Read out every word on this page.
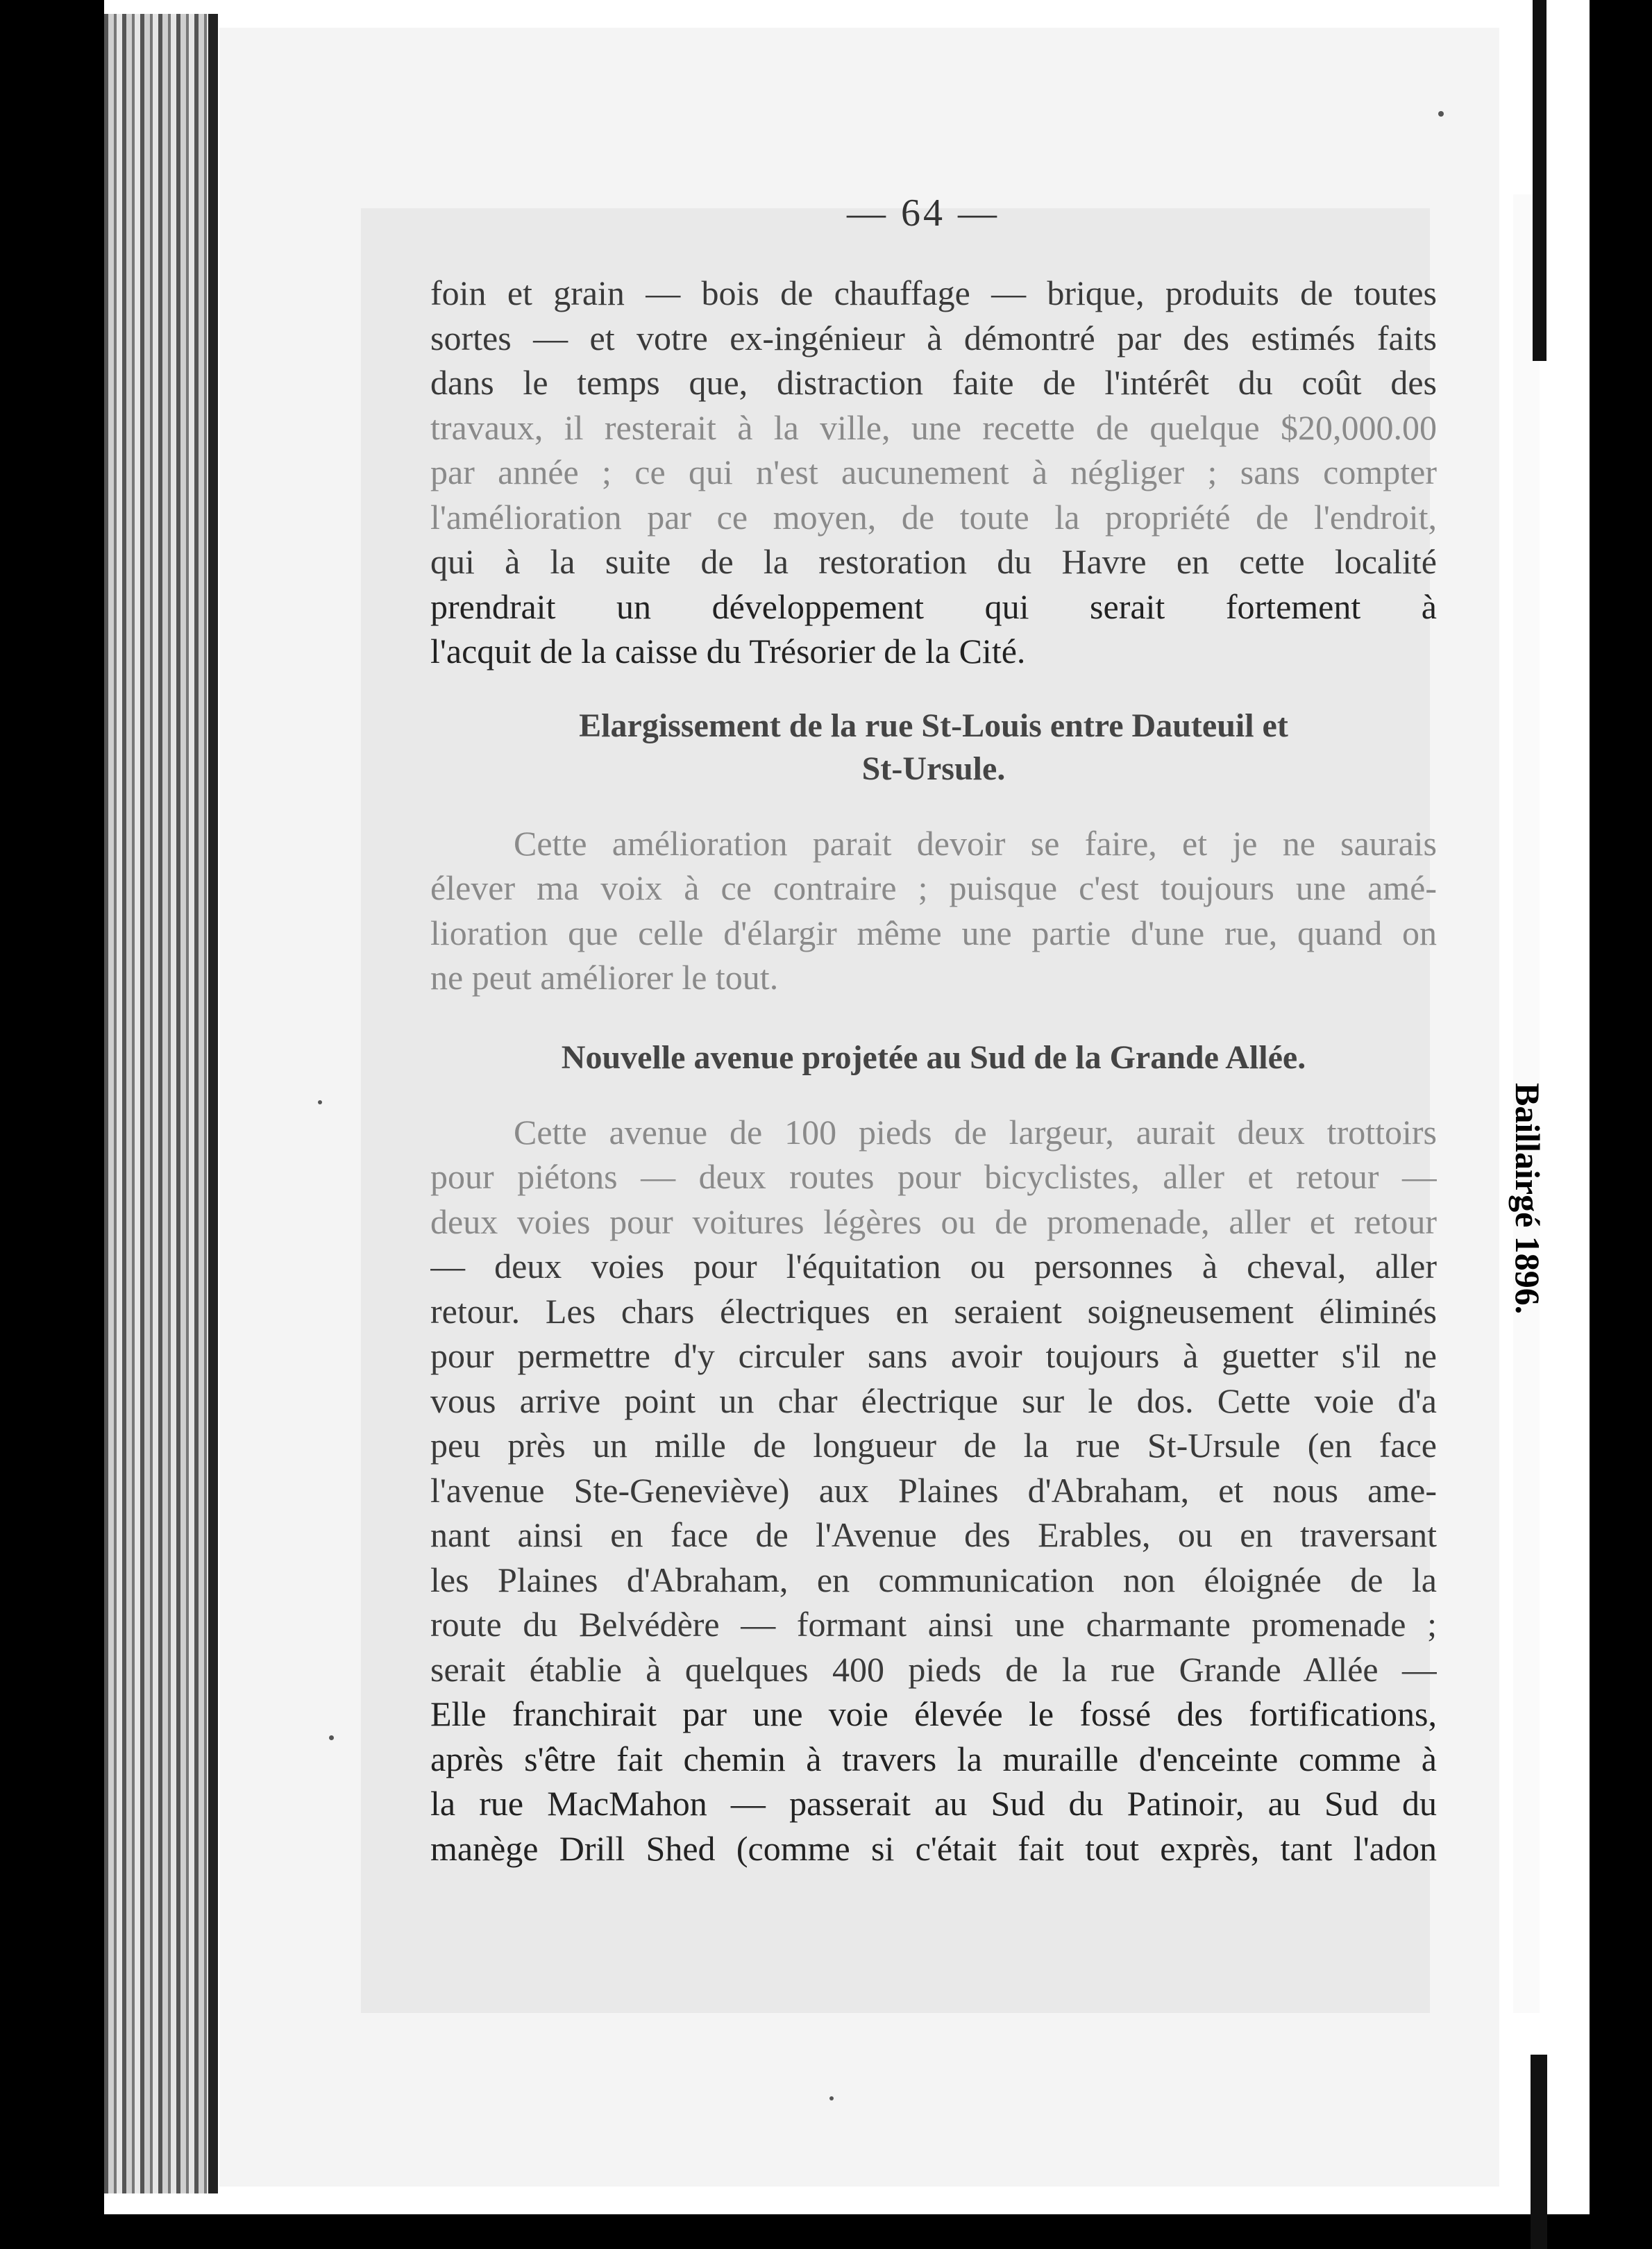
Baillairgé 1896.
— 64 —
foin et grain — bois de chauffage — brique, produits de toutes
sortes — et votre ex-ingénieur à démontré par des estimés faits
dans le temps que, distraction faite de l'intérêt du coût des
travaux, il resterait à la ville, une recette de quelque $20,000.00
par année ; ce qui n'est aucunement à négliger ; sans compter
l'amélioration par ce moyen, de toute la propriété de l'endroit,
qui à la suite de la restoration du Havre en cette localité
prendrait un développement qui serait fortement à
l'acquit de la caisse du Trésorier de la Cité.
Elargissement de la rue St-Louis entre Dauteuil et
St-Ursule.
Cette amélioration parait devoir se faire, et je ne saurais
élever ma voix à ce contraire ; puisque c'est toujours une amé-
lioration que celle d'élargir même une partie d'une rue, quand on
ne peut améliorer le tout.
Nouvelle avenue projetée au Sud de la Grande Allée.
Cette avenue de 100 pieds de largeur, aurait deux trottoirs
pour piétons — deux routes pour bicyclistes, aller et retour —
deux voies pour voitures légères ou de promenade, aller et retour
— deux voies pour l'équitation ou personnes à cheval, aller
retour. Les chars électriques en seraient soigneusement éliminés
pour permettre d'y circuler sans avoir toujours à guetter s'il ne
vous arrive point un char électrique sur le dos. Cette voie d'a
peu près un mille de longueur de la rue St-Ursule (en face
l'avenue Ste-Geneviève) aux Plaines d'Abraham, et nous ame-
nant ainsi en face de l'Avenue des Erables, ou en traversant
les Plaines d'Abraham, en communication non éloignée de la
route du Belvédère — formant ainsi une charmante promenade ;
serait établie à quelques 400 pieds de la rue Grande Allée —
Elle franchirait par une voie élevée le fossé des fortifications,
après s'être fait chemin à travers la muraille d'enceinte comme à
la rue MacMahon — passerait au Sud du Patinoir, au Sud du
manège Drill Shed (comme si c'était fait tout exprès, tant l'adon
